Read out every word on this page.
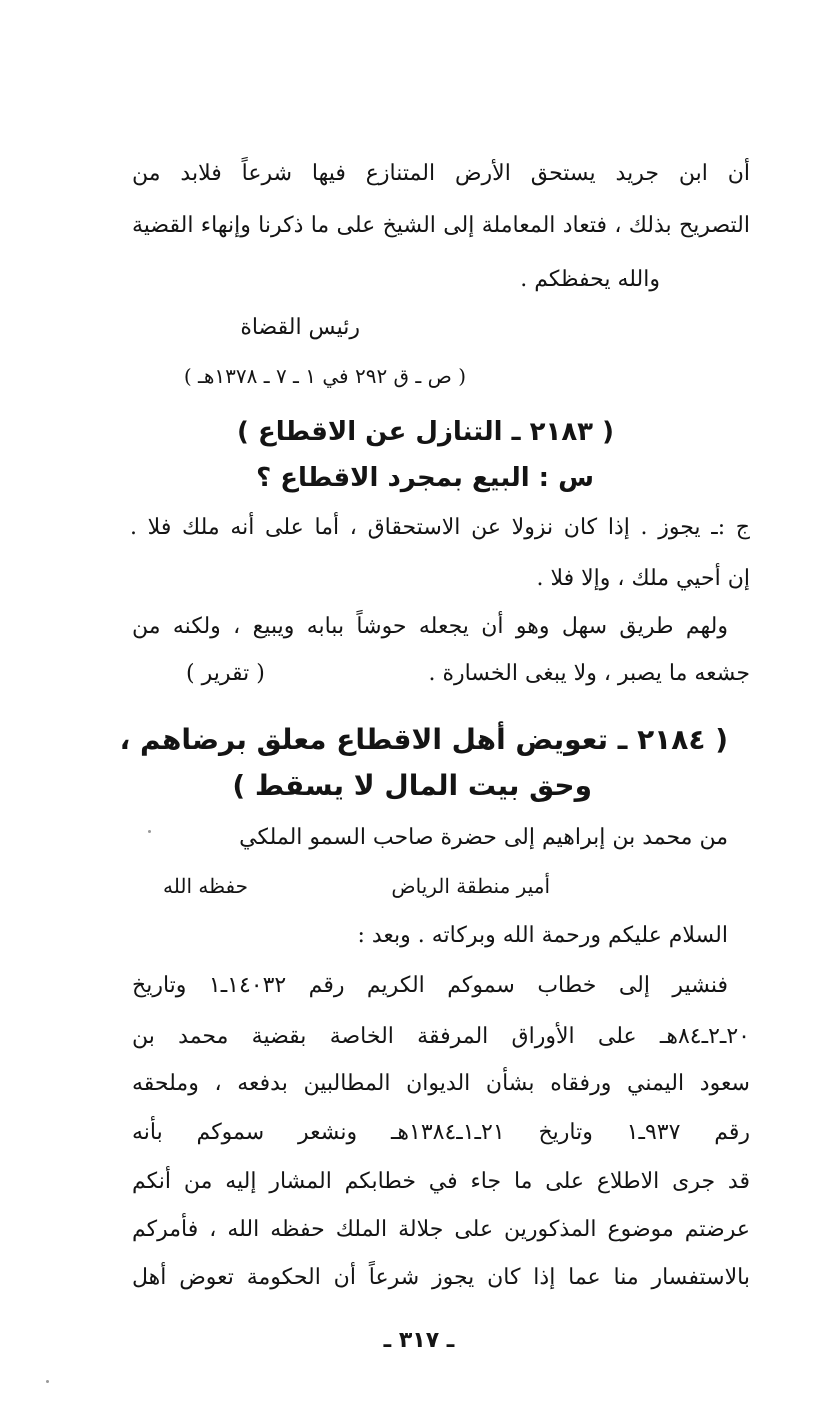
أن ابن جريد يستحق الأرض المتنازع فيها شرعاً فلابد من
التصريح بذلك ، فتعاد المعاملة إلى الشيخ على ما ذكرنا وإنهاء القضية
والله يحفظكم .
رئيس القضاة
( ص ـ ق ٢٩٢ في ١ ـ ٧ ـ ١٣٧٨هـ )
( ٢١٨٣ ـ التنازل عن الاقطاع )
س : البيع بمجرد الاقطاع ؟
ج :ـ يجوز . إذا كان نزولا عن الاستحقاق ، أما على أنه ملك فلا .
إن أحيي ملك ، وإلا فلا .
ولهم طريق سهل وهو أن يجعله حوشاً ببابه ويبيع ، ولكنه من
جشعه ما يصبر ، ولا يبغى الخسارة .
( تقرير )
( ٢١٨٤ ـ تعويض أهل الاقطاع معلق برضاهم ،
وحق بيت المال لا يسقط )
من محمد بن إبراهيم إلى حضرة صاحب السمو الملكي
أمير منطقة الرياض
حفظه الله
السلام عليكم ورحمة الله وبركاته . وبعد :
فنشير إلى خطاب سموكم الكريم رقم ١٤٠٣٢ـ١ وتاريخ
٢٠ـ٢ـ٨٤هـ على الأوراق المرفقة الخاصة بقضية محمد بن
سعود اليمني ورفقاه بشأن الديوان المطالبين بدفعه ، وملحقه
رقم ٩٣٧ـ١ وتاريخ ٢١ـ١ـ١٣٨٤هـ ونشعر سموكم بأنه
قد جرى الاطلاع على ما جاء في خطابكم المشار إليه من أنكم
عرضتم موضوع المذكورين على جلالة الملك حفظه الله ، فأمركم
بالاستفسار منا عما إذا كان يجوز شرعاً أن الحكومة تعوض أهل
ـ ٣١٧ ـ
